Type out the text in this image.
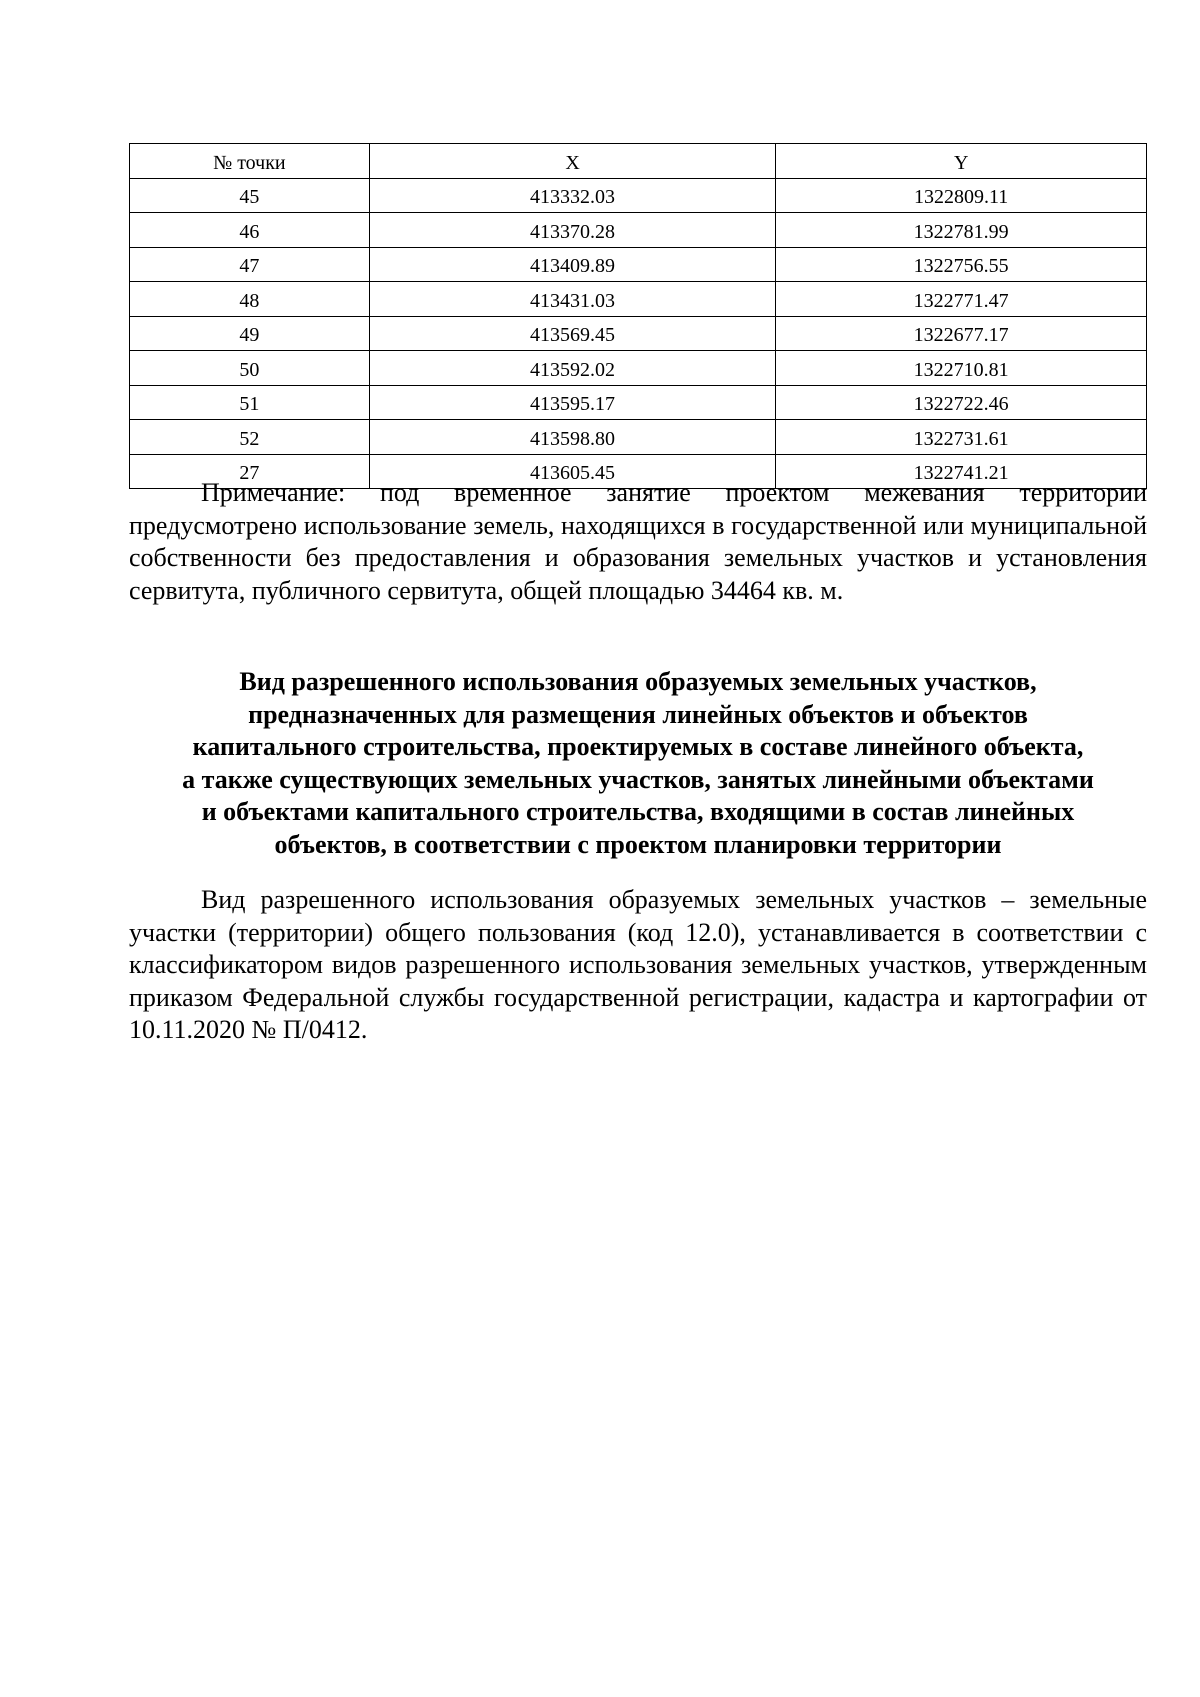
№ точки	X	Y
45	413332.03	1322809.11
46	413370.28	1322781.99
47	413409.89	1322756.55
48	413431.03	1322771.47
49	413569.45	1322677.17
50	413592.02	1322710.81
51	413595.17	1322722.46
52	413598.80	1322731.61
27	413605.45	1322741.21

Примечание: под временное занятие проектом межевания территории предусмотрено использование земель, находящихся в государственной или муниципальной собственности без предоставления и образования земельных участков и установления сервитута, публичного сервитута, общей площадью 34464 кв. м.

Вид разрешенного использования образуемых земельных участков,
предназначенных для размещения линейных объектов и объектов
капитального строительства, проектируемых в составе линейного объекта,
а также существующих земельных участков, занятых линейными объектами
и объектами капитального строительства, входящими в состав линейных
объектов, в соответствии с проектом планировки территории

Вид разрешенного использования образуемых земельных участков – земельные участки (территории) общего пользования (код 12.0), устанавливается в соответствии с классификатором видов разрешенного использования земельных участков, утвержденным приказом Федеральной службы государственной регистрации, кадастра и картографии от 10.11.2020 № П/0412.
